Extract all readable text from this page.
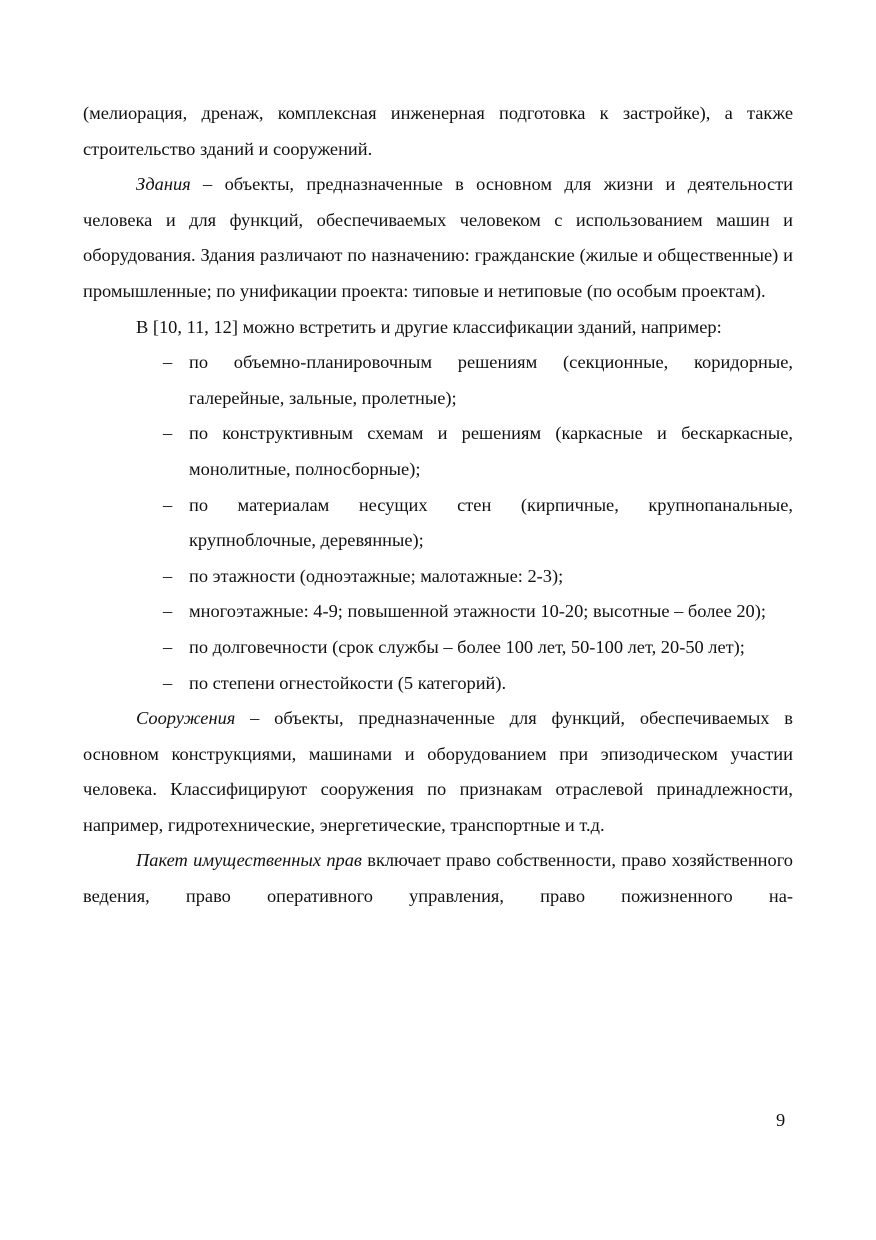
(мелиорация, дренаж, комплексная инженерная подготовка к застройке), а также строительство зданий и сооружений.

Здания – объекты, предназначенные в основном для жизни и деятельности человека и для функций, обеспечиваемых человеком с использованием машин и оборудования. Здания различают по назначению: гражданские (жилые и общественные) и промышленные; по унификации проекта: типовые и нетиповые (по особым проектам).

В [10, 11, 12] можно встретить и другие классификации зданий, например:

– по объемно-планировочным решениям (секционные, коридорные, галерейные, зальные, пролетные);
– по конструктивным схемам и решениям (каркасные и бескаркасные, монолитные, полносборные);
– по материалам несущих стен (кирпичные, крупнопанальные, крупноблочные, деревянные);
– по этажности (одноэтажные; малотажные: 2-3);
– многоэтажные: 4-9; повышенной этажности 10-20; высотные – более 20);
– по долговечности (срок службы – более 100 лет, 50-100 лет, 20-50 лет);
– по степени огнестойкости (5 категорий).

Сооружения – объекты, предназначенные для функций, обеспечиваемых в основном конструкциями, машинами и оборудованием при эпизодическом участии человека. Классифицируют сооружения по признакам отраслевой принадлежности, например, гидротехнические, энергетические, транспортные и т.д.

Пакет имущественных прав включает право собственности, право хозяйственного ведения, право оперативного управления, право пожизненного на-

9
